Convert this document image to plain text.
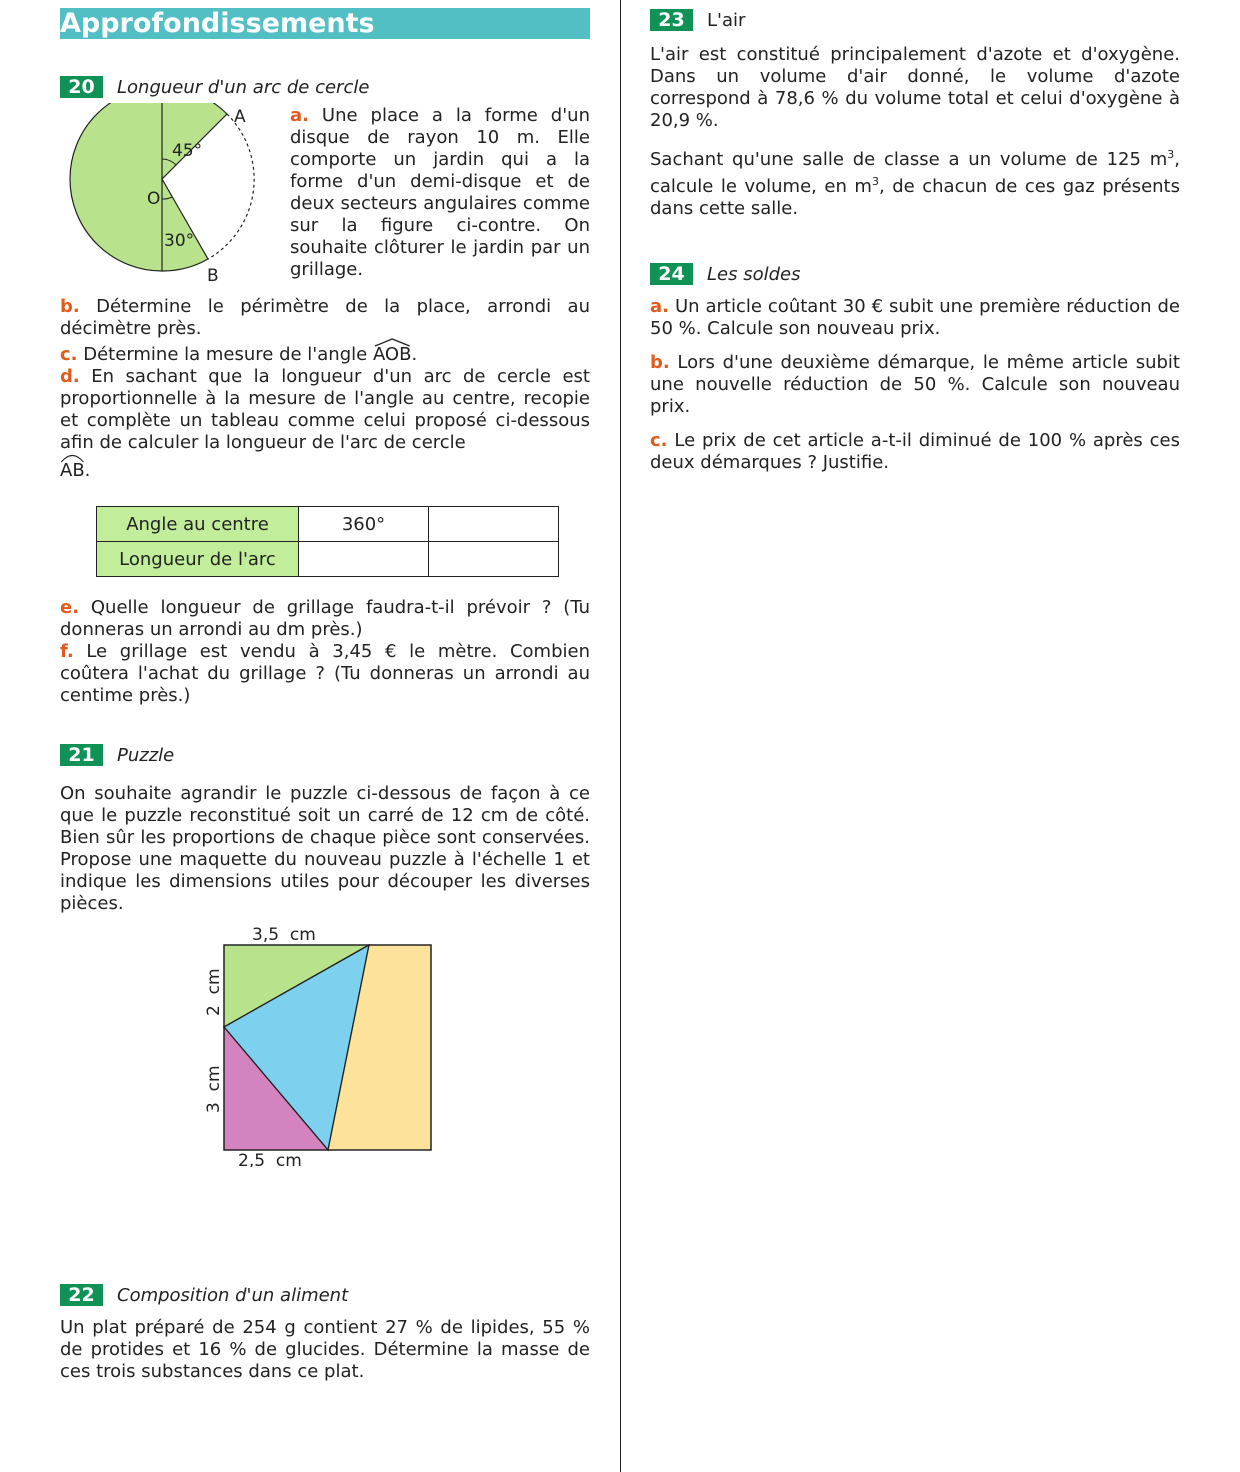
Approfondissements
20	Longueur d'un arc de cercle
45°
30°
A
B
O

a. Une place a la forme d'un disque de rayon 10 m. Elle comporte un jardin qui a la forme d'un demi-disque et de deux secteurs angulaires comme sur la figure ci-contre. On souhaite clôturer le jardin par un grillage.

b. Détermine le périmètre de la place, arrondi au décimètre près.

c. Détermine la mesure de l'angle AOB.

d. En sachant que la longueur d'un arc de cercle est proportionnelle à la mesure de l'angle au centre, recopie et complète un tableau comme celui proposé ci-dessous afin de calculer la longueur de l'arc de cercle

AB.

Angle au centre	360°	
Longueur de l'arc		

e. Quelle longueur de grillage faudra-t-il prévoir ? (Tu donneras un arrondi au dm près.)

f. Le grillage est vendu à 3,45 € le mètre. Combien coûtera l'achat du grillage ? (Tu donneras un arrondi au centime près.)

21	Puzzle

On souhaite agrandir le puzzle ci-dessous de façon à ce que le puzzle reconstitué soit un carré de 12 cm de côté. Bien sûr les proportions de chaque pièce sont conservées. Propose une maquette du nouveau puzzle à l'échelle 1 et indique les dimensions utiles pour découper les diverses pièces.

3,5  cm
2,5  cm
2  cm
3  cm
22	Composition d'un aliment

Un plat préparé de 254 g contient 27 % de lipides, 55 % de protides et 16 % de glucides. Détermine la masse de ces trois substances dans ce plat.

23	L'air

L'air est constitué principalement d'azote et d'oxygène. Dans un volume d'air donné, le volume d'azote correspond à 78,6 % du volume total et celui d'oxygène à 20,9 %.

Sachant qu'une salle de classe a un volume de 125 $m^3$, calcule le volume, en $m^3$, de chacun de ces gaz présents dans cette salle.

24	Les soldes

a. Un article coûtant 30 € subit une première réduction de 50 %. Calcule son nouveau prix.

b. Lors d'une deuxième démarque, le même article subit une nouvelle réduction de 50 %. Calcule son nouveau prix.

c. Le prix de cet article a-t-il diminué de 100 % après ces deux démarques ? Justifie.
